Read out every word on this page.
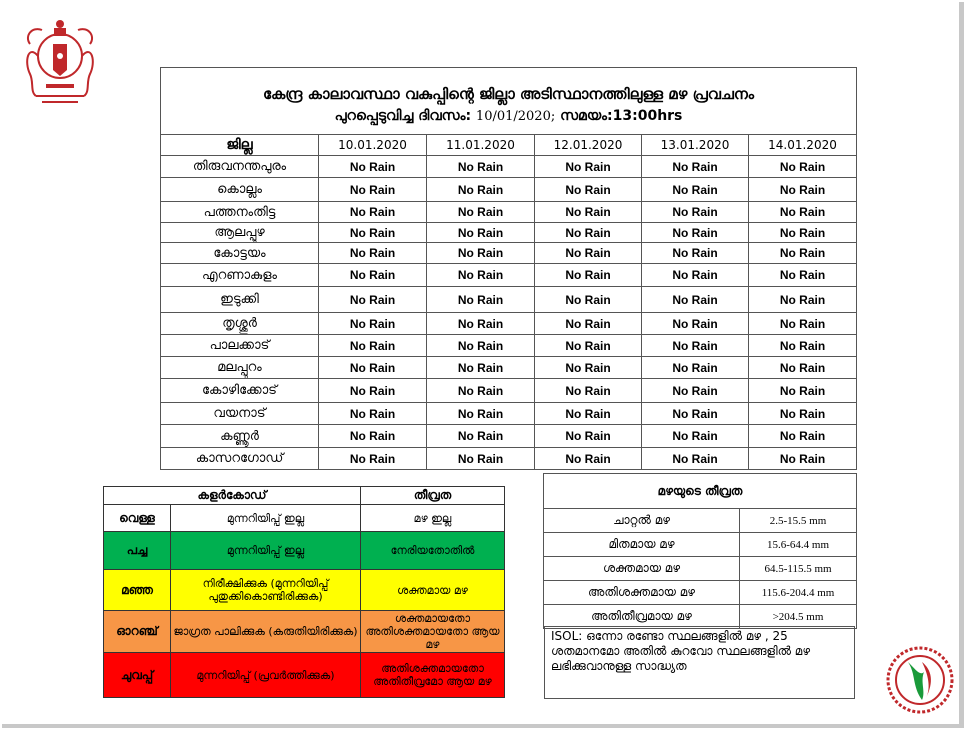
കേന്ദ്ര കാലാവസ്ഥാ വകുപ്പിന്റെ ജില്ലാ അടിസ്ഥാനത്തിലുള്ള മഴ പ്രവചനം
പുറപ്പെടുവിച്ച ദിവസം: 10/01/2020; സമയം:13:00hrs					

ജില്ല	10.01.2020	11.01.2020	12.01.2020	13.01.2020	14.01.2020
തിരുവനന്തപുരം	No Rain	No Rain	No Rain	No Rain	No Rain
കൊല്ലം	No Rain	No Rain	No Rain	No Rain	No Rain
പത്തനംതിട്ട	No Rain	No Rain	No Rain	No Rain	No Rain
ആലപ്പുഴ	No Rain	No Rain	No Rain	No Rain	No Rain
കോട്ടയം	No Rain	No Rain	No Rain	No Rain	No Rain
എറണാകുളം	No Rain	No Rain	No Rain	No Rain	No Rain
ഇടുക്കി	No Rain	No Rain	No Rain	No Rain	No Rain
തൃശ്ശൂർ	No Rain	No Rain	No Rain	No Rain	No Rain
പാലക്കാട്	No Rain	No Rain	No Rain	No Rain	No Rain
മലപ്പുറം	No Rain	No Rain	No Rain	No Rain	No Rain
കോഴിക്കോട്	No Rain	No Rain	No Rain	No Rain	No Rain
വയനാട്	No Rain	No Rain	No Rain	No Rain	No Rain
കണ്ണൂർ	No Rain	No Rain	No Rain	No Rain	No Rain
കാസറഗോഡ്	No Rain	No Rain	No Rain	No Rain	No Rain
കളർകോഡ്		തീവ്രത
വെള്ള	മുന്നറിയിപ്പ് ഇല്ല	മഴ ഇല്ല
പച്ച	മുന്നറിയിപ്പ് ഇല്ല	നേരിയതോതിൽ
മഞ്ഞ	നിരീക്ഷിക്കുക (മുന്നറിയിപ്പ് പുതുക്കികൊണ്ടിരിക്കുക)	ശക്തമായ മഴ
ഓറഞ്ച്	ജാഗ്രത പാലിക്കുക (കരുതിയിരിക്കുക)	ശക്തമായതോ അതിശക്തമായതോ ആയ മഴ
ചുവപ്പ്	മുന്നറിയിപ്പ് (പ്രവർത്തിക്കുക)	അതിശക്തമായതോ അതിതീവ്രമോ ആയ മഴ
മഴയുടെ തീവ്രത	
ചാറ്റൽ മഴ	2.5-15.5 mm
മിതമായ മഴ	15.6-64.4 mm
ശക്തമായ മഴ	64.5-115.5 mm
അതിശക്തമായ മഴ	115.6-204.4 mm
അതിതീവ്രമായ മഴ	>204.5 mm
ISOL: ഒന്നോ രണ്ടോ സ്ഥലങ്ങളിൽ മഴ , 25 ശതമാനമോ അതിൽ കുറവോ സ്ഥലങ്ങളിൽ മഴ ലഭിക്കുവാനുള്ള സാദ്ധ്യത
